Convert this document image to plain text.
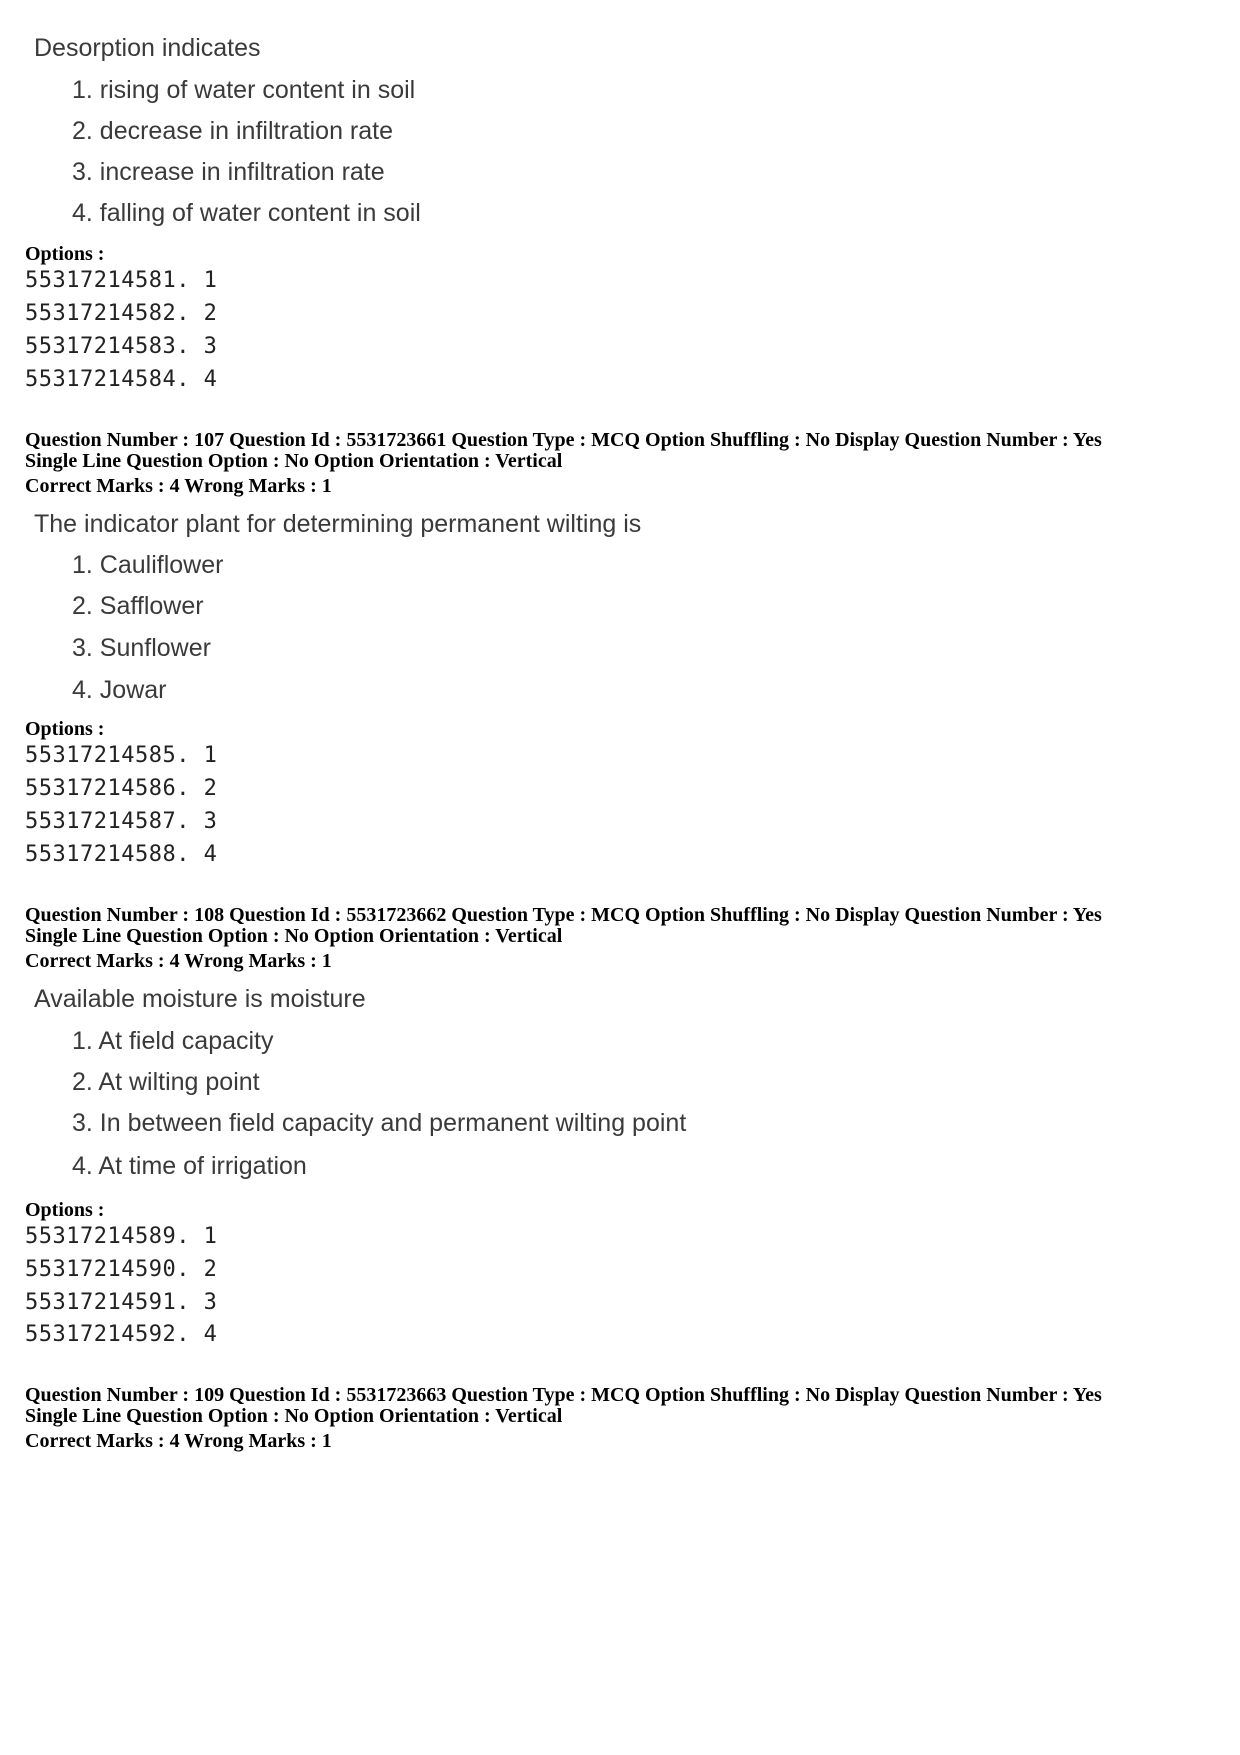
Desorption indicates
1. rising of water content in soil
2. decrease in infiltration rate
3. increase in infiltration rate
4. falling of water content in soil
Options :
55317214581. 1
55317214582. 2
55317214583. 3
55317214584. 4
Question Number : 107 Question Id : 5531723661 Question Type : MCQ Option Shuffling : No Display Question Number : Yes
Single Line Question Option : No Option Orientation : Vertical
Correct Marks : 4 Wrong Marks : 1
The indicator plant for determining permanent wilting is
1. Cauliflower
2. Safflower
3. Sunflower
4. Jowar
Options :
55317214585. 1
55317214586. 2
55317214587. 3
55317214588. 4
Question Number : 108 Question Id : 5531723662 Question Type : MCQ Option Shuffling : No Display Question Number : Yes
Single Line Question Option : No Option Orientation : Vertical
Correct Marks : 4 Wrong Marks : 1
Available moisture is moisture
1. At field capacity
2. At wilting point
3. In between field capacity and permanent wilting point
4. At time of irrigation
Options :
55317214589. 1
55317214590. 2
55317214591. 3
55317214592. 4
Question Number : 109 Question Id : 5531723663 Question Type : MCQ Option Shuffling : No Display Question Number : Yes
Single Line Question Option : No Option Orientation : Vertical
Correct Marks : 4 Wrong Marks : 1
